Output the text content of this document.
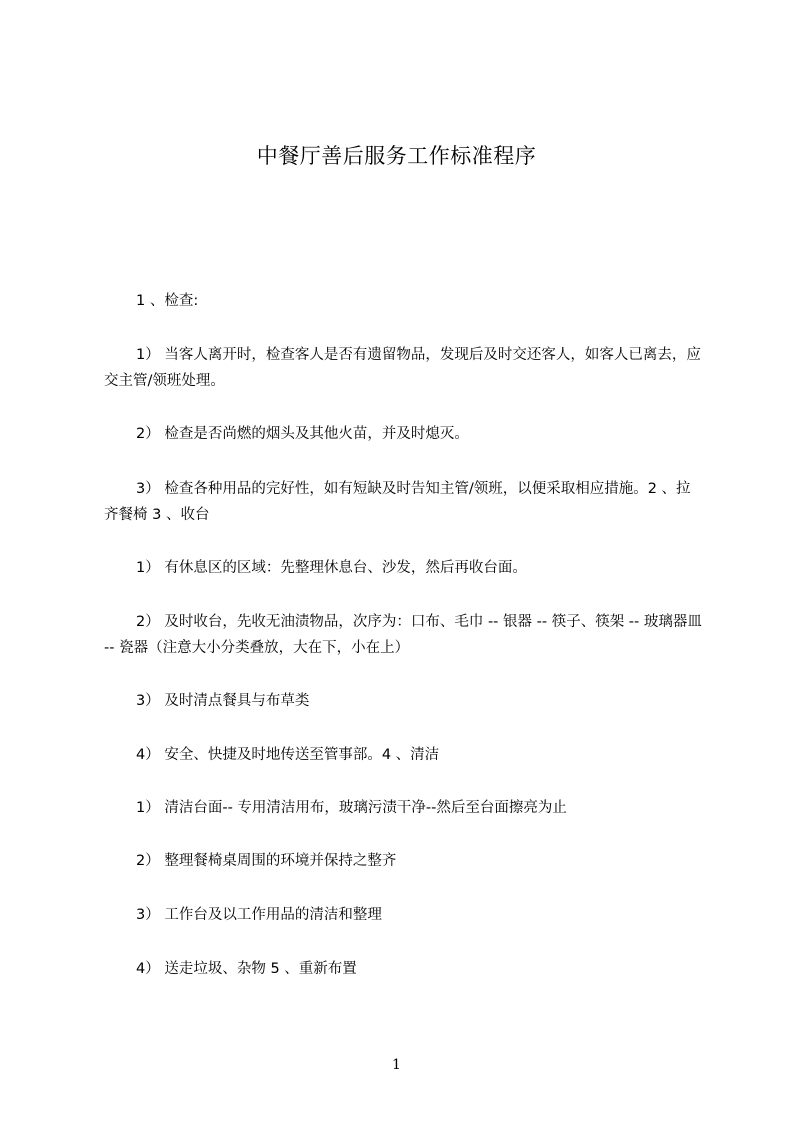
中餐厅善后服务工作标准程序
1 、检查:
1） 当客人离开时，检查客人是否有遗留物品，发现后及时交还客人，如客人已离去，应交主管/领班处理。
2） 检查是否尚燃的烟头及其他火苗，并及时熄灭。
3） 检查各种用品的完好性，如有短缺及时告知主管/领班，以便采取相应措施。2 、拉齐餐椅 3 、收台
1） 有休息区的区域：先整理休息台、沙发，然后再收台面。
2） 及时收台，先收无油渍物品，次序为：口布、毛巾 -- 银器 -- 筷子、筷架 -- 玻璃器皿 -- 瓷器（注意大小分类叠放，大在下，小在上）
3） 及时清点餐具与布草类
4） 安全、快捷及时地传送至管事部。4 、清洁
1） 清洁台面-- 专用清洁用布，玻璃污渍干净--然后至台面擦亮为止
2） 整理餐椅桌周围的环境并保持之整齐
3） 工作台及以工作用品的清洁和整理
4） 送走垃圾、杂物 5 、重新布置
1
